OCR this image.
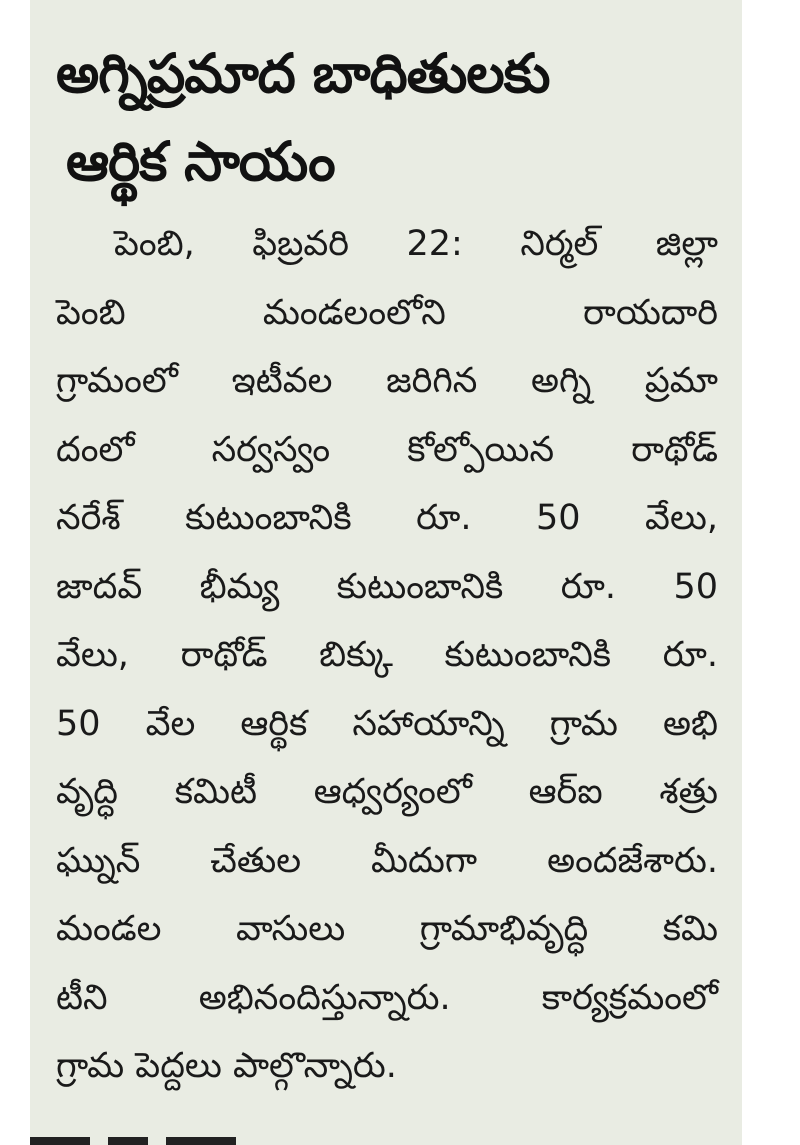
అగ్నిప్రమాద బాధితులకు
ఆర్థిక సాయం
పెంబి, ఫిబ్రవరి 22: నిర్మల్ జిల్లా
పెంబి మండలంలోని రాయదారి
గ్రామంలో ఇటీవల జరిగిన అగ్ని ప్రమా
దంలో సర్వస్వం కోల్పోయిన రాథోడ్
నరేశ్ కుటుంబానికి రూ. 50 వేలు,
జాదవ్ భీమ్య కుటుంబానికి రూ. 50
వేలు, రాథోడ్ బిక్కు కుటుంబానికి రూ.
50 వేల ఆర్థిక సహాయాన్ని గ్రామ అభి
వృద్ధి కమిటీ ఆధ్వర్యంలో ఆర్ఐ శత్రు
ఘ్నున్ చేతుల మీదుగా అందజేశారు.
మండల వాసులు గ్రామాభివృద్ధి కమి
టీని అభినందిస్తున్నారు. కార్యక్రమంలో
గ్రామ పెద్దలు పాల్గొన్నారు.
